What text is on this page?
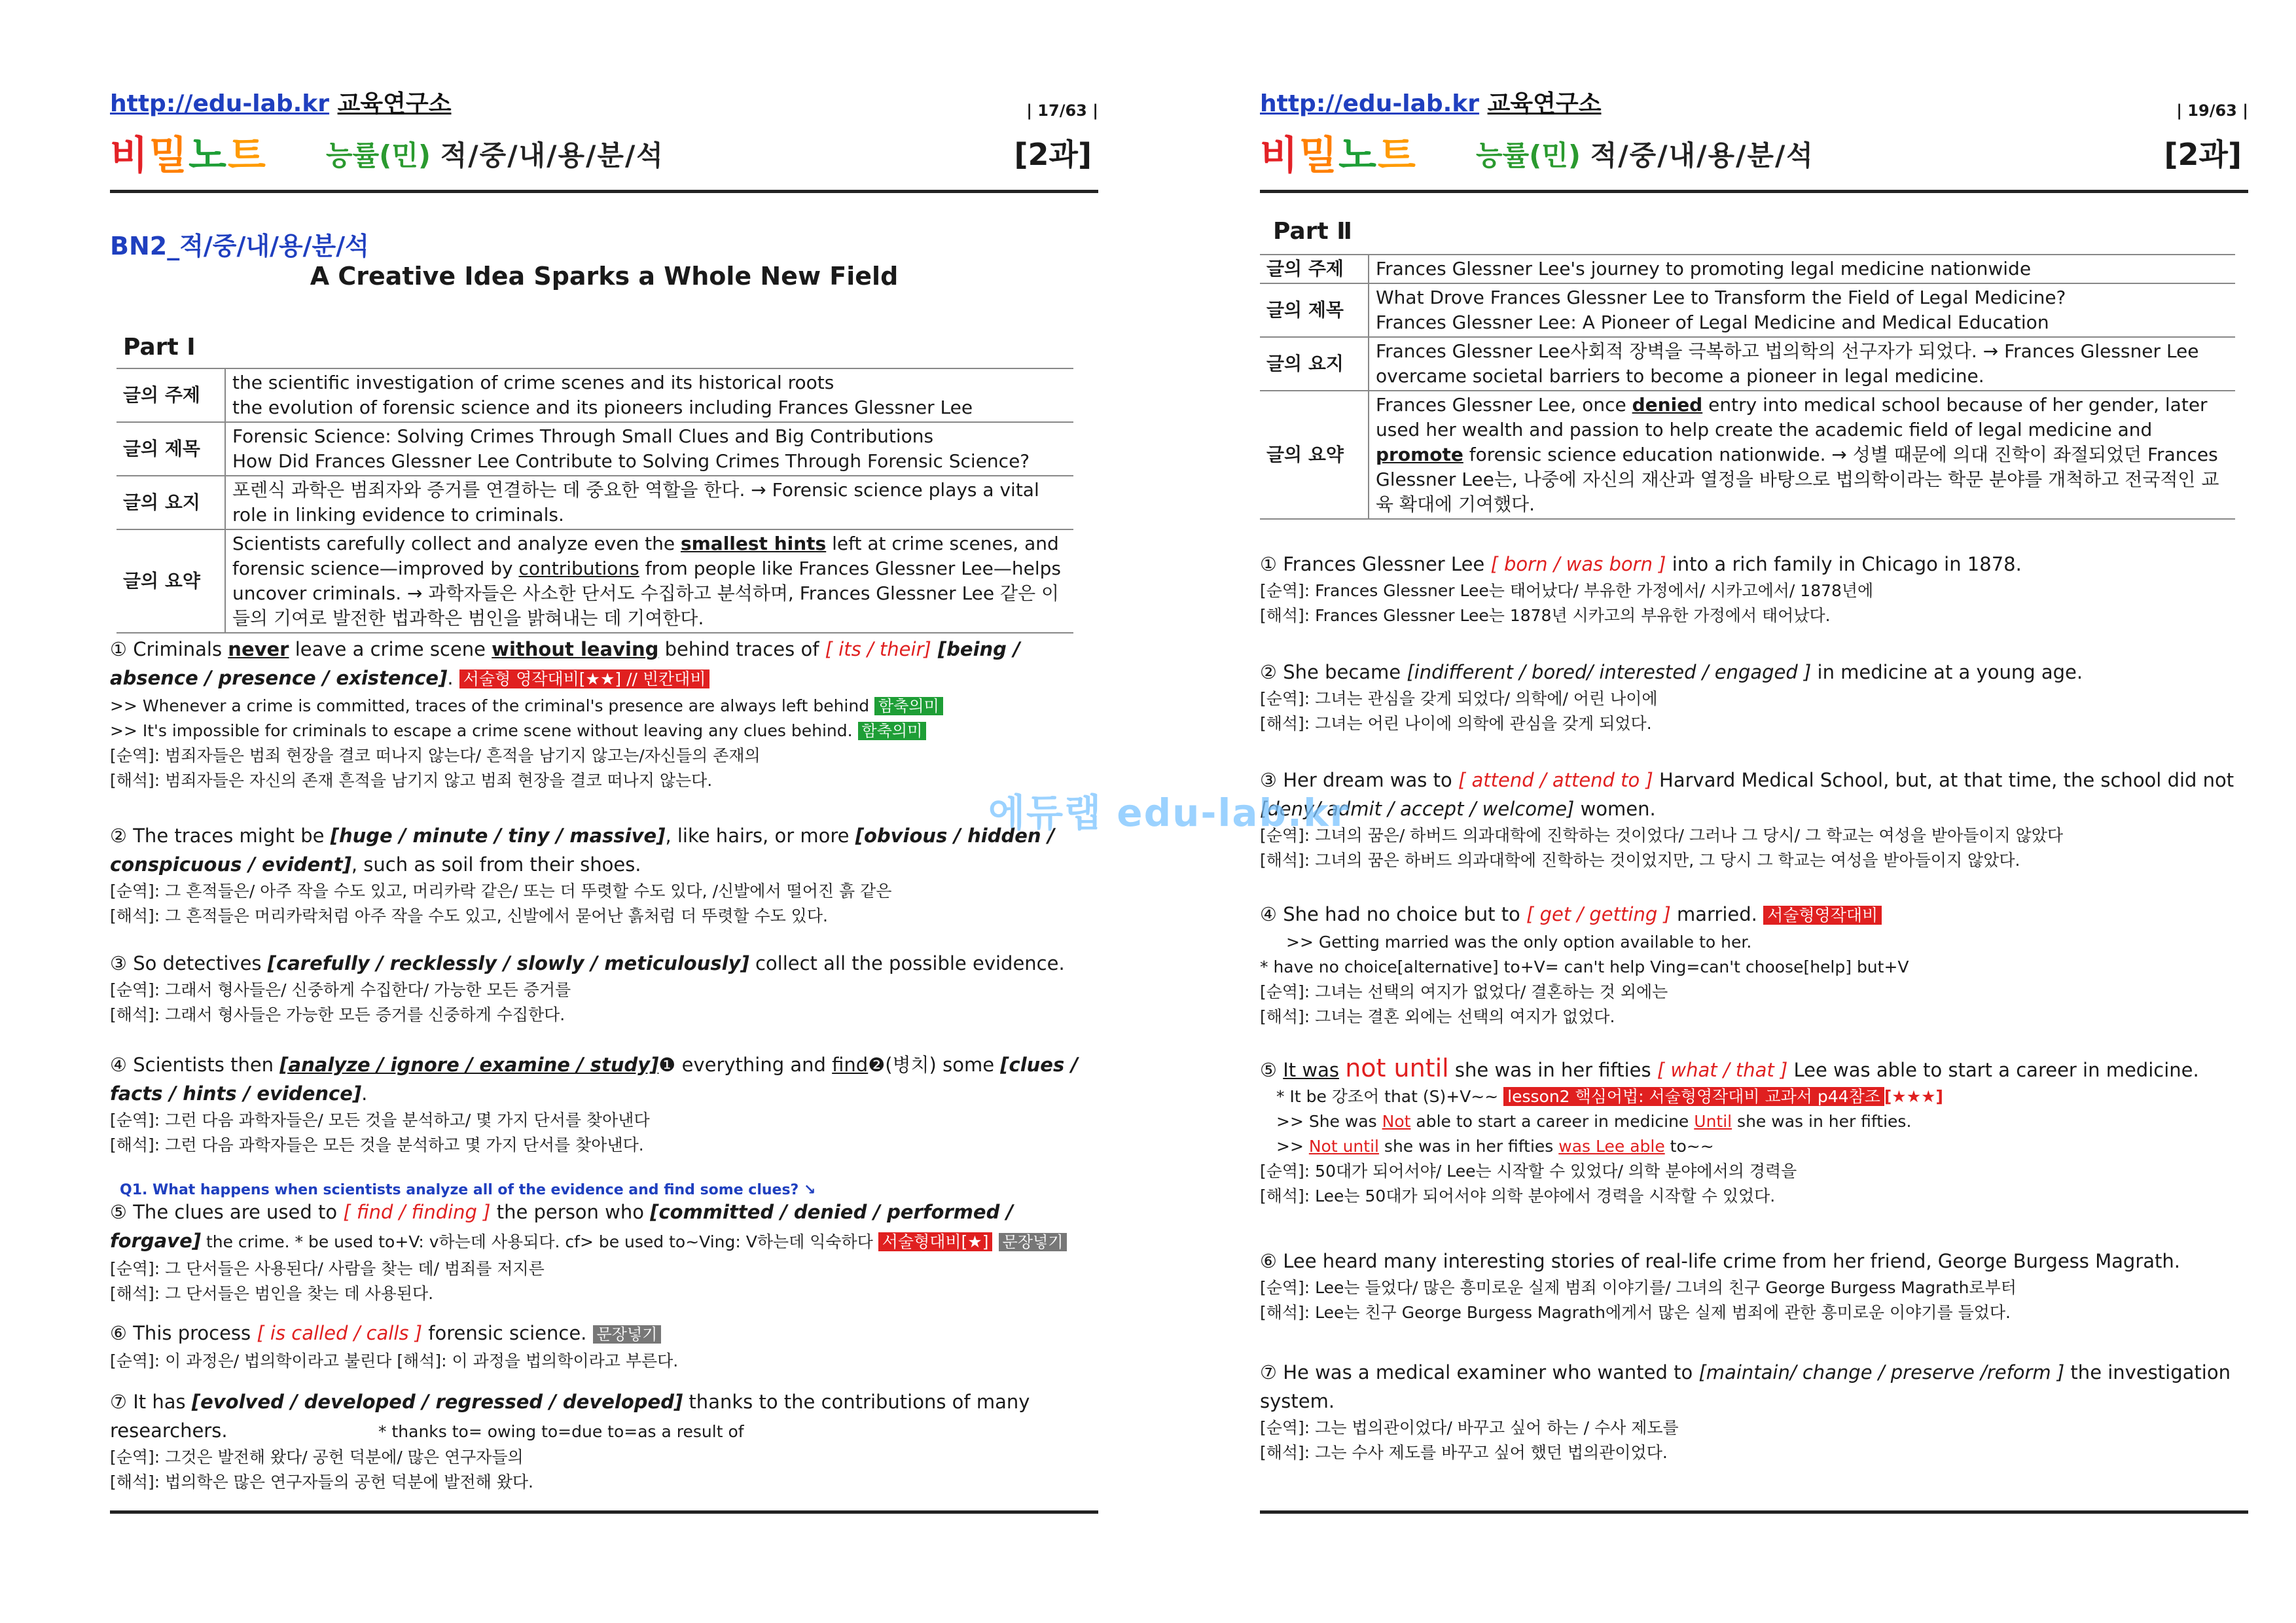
http://edu-lab.kr 교육연구소	| 17/63 |
비밀노트 능률(민) 적/중/내/용/분/석	[2과]
BN2_적/중/내/용/분/석
A Creative Idea Sparks a Whole New Field
Part Ⅰ
글의 주제	the scientific investigation of crime scenes and its historical roots
the evolution of forensic science and its pioneers including Frances Glessner Lee

글의 제목	Forensic Science: Solving Crimes Through Small Clues and Big Contributions
How Did Frances Glessner Lee Contribute to Solving Crimes Through Forensic Science?

글의 요지	포렌식 과학은 범죄자와 증거를 연결하는 데 중요한 역할을 한다. → Forensic science plays a vital role in linking evidence to criminals.
글의 요약	Scientists carefully collect and analyze even the smallest hints left at crime scenes, and forensic science—improved by contributions from people like Frances Glessner Lee—helps uncover criminals. → 과학자들은 사소한 단서도 수집하고 분석하며, Frances Glessner Lee 같은 이들의 기여로 발전한 법과학은 범인을 밝혀내는 데 기여한다.

① Criminals never leave a crime scene without leaving behind traces of [ its / their] [being / absence / presence / existence]. 서술형 영작대비[★★] // 빈칸대비

>> Whenever a crime is committed, traces of the criminal's presence are always left behind 함축의미

>> It's impossible for criminals to escape a crime scene without leaving any clues behind. 함축의미

[순역]: 범죄자들은 범죄 현장을 결코 떠나지 않는다/ 흔적을 남기지 않고는/자신들의 존재의

[해석]: 범죄자들은 자신의 존재 흔적을 남기지 않고 범죄 현장을 결코 떠나지 않는다.

② The traces might be [huge / minute / tiny / massive], like hairs, or more [obvious / hidden / conspicuous / evident], such as soil from their shoes.

[순역]: 그 흔적들은/ 아주 작을 수도 있고, 머리카락 같은/ 또는 더 뚜렷할 수도 있다, /신발에서 떨어진 흙 같은

[해석]: 그 흔적들은 머리카락처럼 아주 작을 수도 있고, 신발에서 묻어난 흙처럼 더 뚜렷할 수도 있다.

③ So detectives [carefully / recklessly / slowly / meticulously] collect all the possible evidence.

[순역]: 그래서 형사들은/ 신중하게 수집한다/ 가능한 모든 증거를

[해석]: 그래서 형사들은 가능한 모든 증거를 신중하게 수집한다.

④ Scientists then [analyze / ignore / examine / study]❶ everything and find❷(병치) some [clues / facts / hints / evidence].

[순역]: 그런 다음 과학자들은/ 모든 것을 분석하고/ 몇 가지 단서를 찾아낸다

[해석]: 그런 다음 과학자들은 모든 것을 분석하고 몇 가지 단서를 찾아낸다.

Q1. What happens when scientists analyze all of the evidence and find some clues? ↘

⑤ The clues are used to [ find / finding ] the person who [committed / denied / performed / forgave] the crime. * be used to+V: v하는데 사용되다. cf> be used to~Ving: V하는데 익숙하다 서술형대비[★] 문장넣기

[순역]: 그 단서들은 사용된다/ 사람을 찾는 데/ 범죄를 저지른

[해석]: 그 단서들은 범인을 찾는 데 사용된다.

⑥ This process [ is called / calls ] forensic science. 문장넣기

[순역]: 이 과정은/ 법의학이라고 불린다 [해석]: 이 과정을 법의학이라고 부른다.

⑦ It has [evolved / developed / regressed / developed] thanks to the contributions of many researchers.	* thanks to= owing to=due to=as a result of

[순역]: 그것은 발전해 왔다/ 공헌 덕분에/ 많은 연구자들의

[해석]: 법의학은 많은 연구자들의 공헌 덕분에 발전해 왔다.

http://edu-lab.kr 교육연구소	| 19/63 |
비밀노트 능률(민) 적/중/내/용/분/석	[2과]
Part Ⅱ
글의 주제	Frances Glessner Lee's journey to promoting legal medicine nationwide
글의 제목	What Drove Frances Glessner Lee to Transform the Field of Legal Medicine?
Frances Glessner Lee: A Pioneer of Legal Medicine and Medical Education

글의 요지	Frances Glessner Lee사회적 장벽을 극복하고 법의학의 선구자가 되었다. → Frances Glessner Lee overcame societal barriers to become a pioneer in legal medicine.
글의 요약	Frances Glessner Lee, once denied entry into medical school because of her gender, later used her wealth and passion to help create the academic field of legal medicine and promote forensic science education nationwide. → 성별 때문에 의대 진학이 좌절되었던 Frances Glessner Lee는, 나중에 자신의 재산과 열정을 바탕으로 법의학이라는 학문 분야를 개척하고 전국적인 교육 확대에 기여했다.

① Frances Glessner Lee [ born / was born ] into a rich family in Chicago in 1878.

[순역]: Frances Glessner Lee는 태어났다/ 부유한 가정에서/ 시카고에서/ 1878년에

[해석]: Frances Glessner Lee는 1878년 시카고의 부유한 가정에서 태어났다.

② She became [indifferent / bored/ interested / engaged ] in medicine at a young age.

[순역]: 그녀는 관심을 갖게 되었다/ 의학에/ 어린 나이에

[해석]: 그녀는 어린 나이에 의학에 관심을 갖게 되었다.

③ Her dream was to [ attend / attend to ] Harvard Medical School, but, at that time, the school did not [deny/ admit / accept / welcome] women.

[순역]: 그녀의 꿈은/ 하버드 의과대학에 진학하는 것이었다/ 그러나 그 당시/ 그 학교는 여성을 받아들이지 않았다

[해석]: 그녀의 꿈은 하버드 의과대학에 진학하는 것이었지만, 그 당시 그 학교는 여성을 받아들이지 않았다.

④ She had no choice but to [ get / getting ] married. 서술형영작대비

>> Getting married was the only option available to her.

* have no choice[alternative] to+V= can't help Ving=can't choose[help] but+V

[순역]: 그녀는 선택의 여지가 없었다/ 결혼하는 것 외에는

[해석]: 그녀는 결혼 외에는 선택의 여지가 없었다.

⑤ It was not until she was in her fifties [ what / that ] Lee was able to start a career in medicine.

* It be 강조어 that (S)+V~~ lesson2 핵심어법: 서술형영작대비 교과서 p44참조 [★★★]

>> She was Not able to start a career in medicine Until she was in her fifties.

>> Not until she was in her fifties was Lee able to~~

[순역]: 50대가 되어서야/ Lee는 시작할 수 있었다/ 의학 분야에서의 경력을

[해석]: Lee는 50대가 되어서야 의학 분야에서 경력을 시작할 수 있었다.

⑥ Lee heard many interesting stories of real-life crime from her friend, George Burgess Magrath.

[순역]: Lee는 들었다/ 많은 흥미로운 실제 범죄 이야기를/ 그녀의 친구 George Burgess Magrath로부터

[해석]: Lee는 친구 George Burgess Magrath에게서 많은 실제 범죄에 관한 흥미로운 이야기를 들었다.

⑦ He was a medical examiner who wanted to [maintain/ change / preserve /reform ] the investigation system.

[순역]: 그는 법의관이었다/ 바꾸고 싶어 하는 / 수사 제도를

[해석]: 그는 수사 제도를 바꾸고 싶어 했던 법의관이었다.

에듀랩 edu-lab.kr
